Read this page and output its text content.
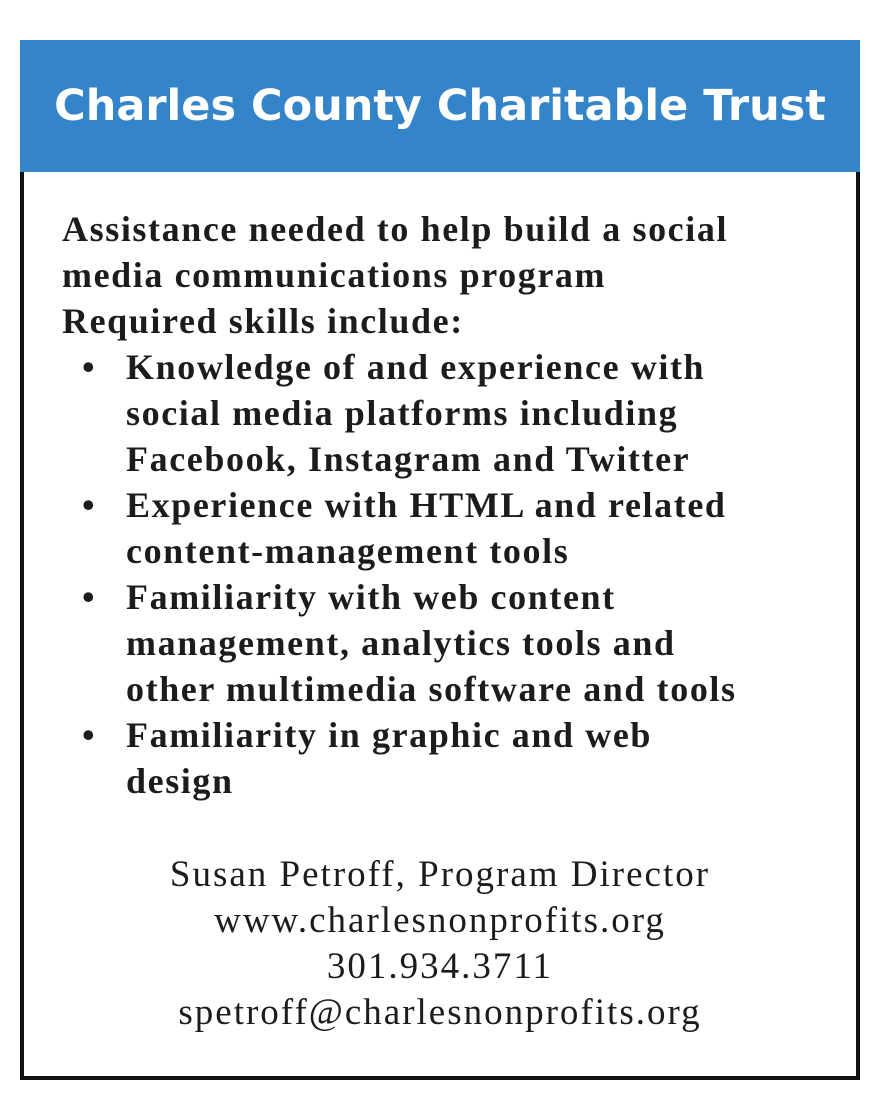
Charles County Charitable Trust

Assistance needed to help build a social

media communications program

Required skills include:

• Knowledge of and experience with
social media platforms including
Facebook, Instagram and Twitter
• Experience with HTML and related
content-management tools
• Familiarity with web content
management, analytics tools and
other multimedia software and tools
• Familiarity in graphic and web
design
Susan Petroff, Program Director
www.charlesnonprofits.org
301.934.3711
spetroff@charlesnonprofits.org
